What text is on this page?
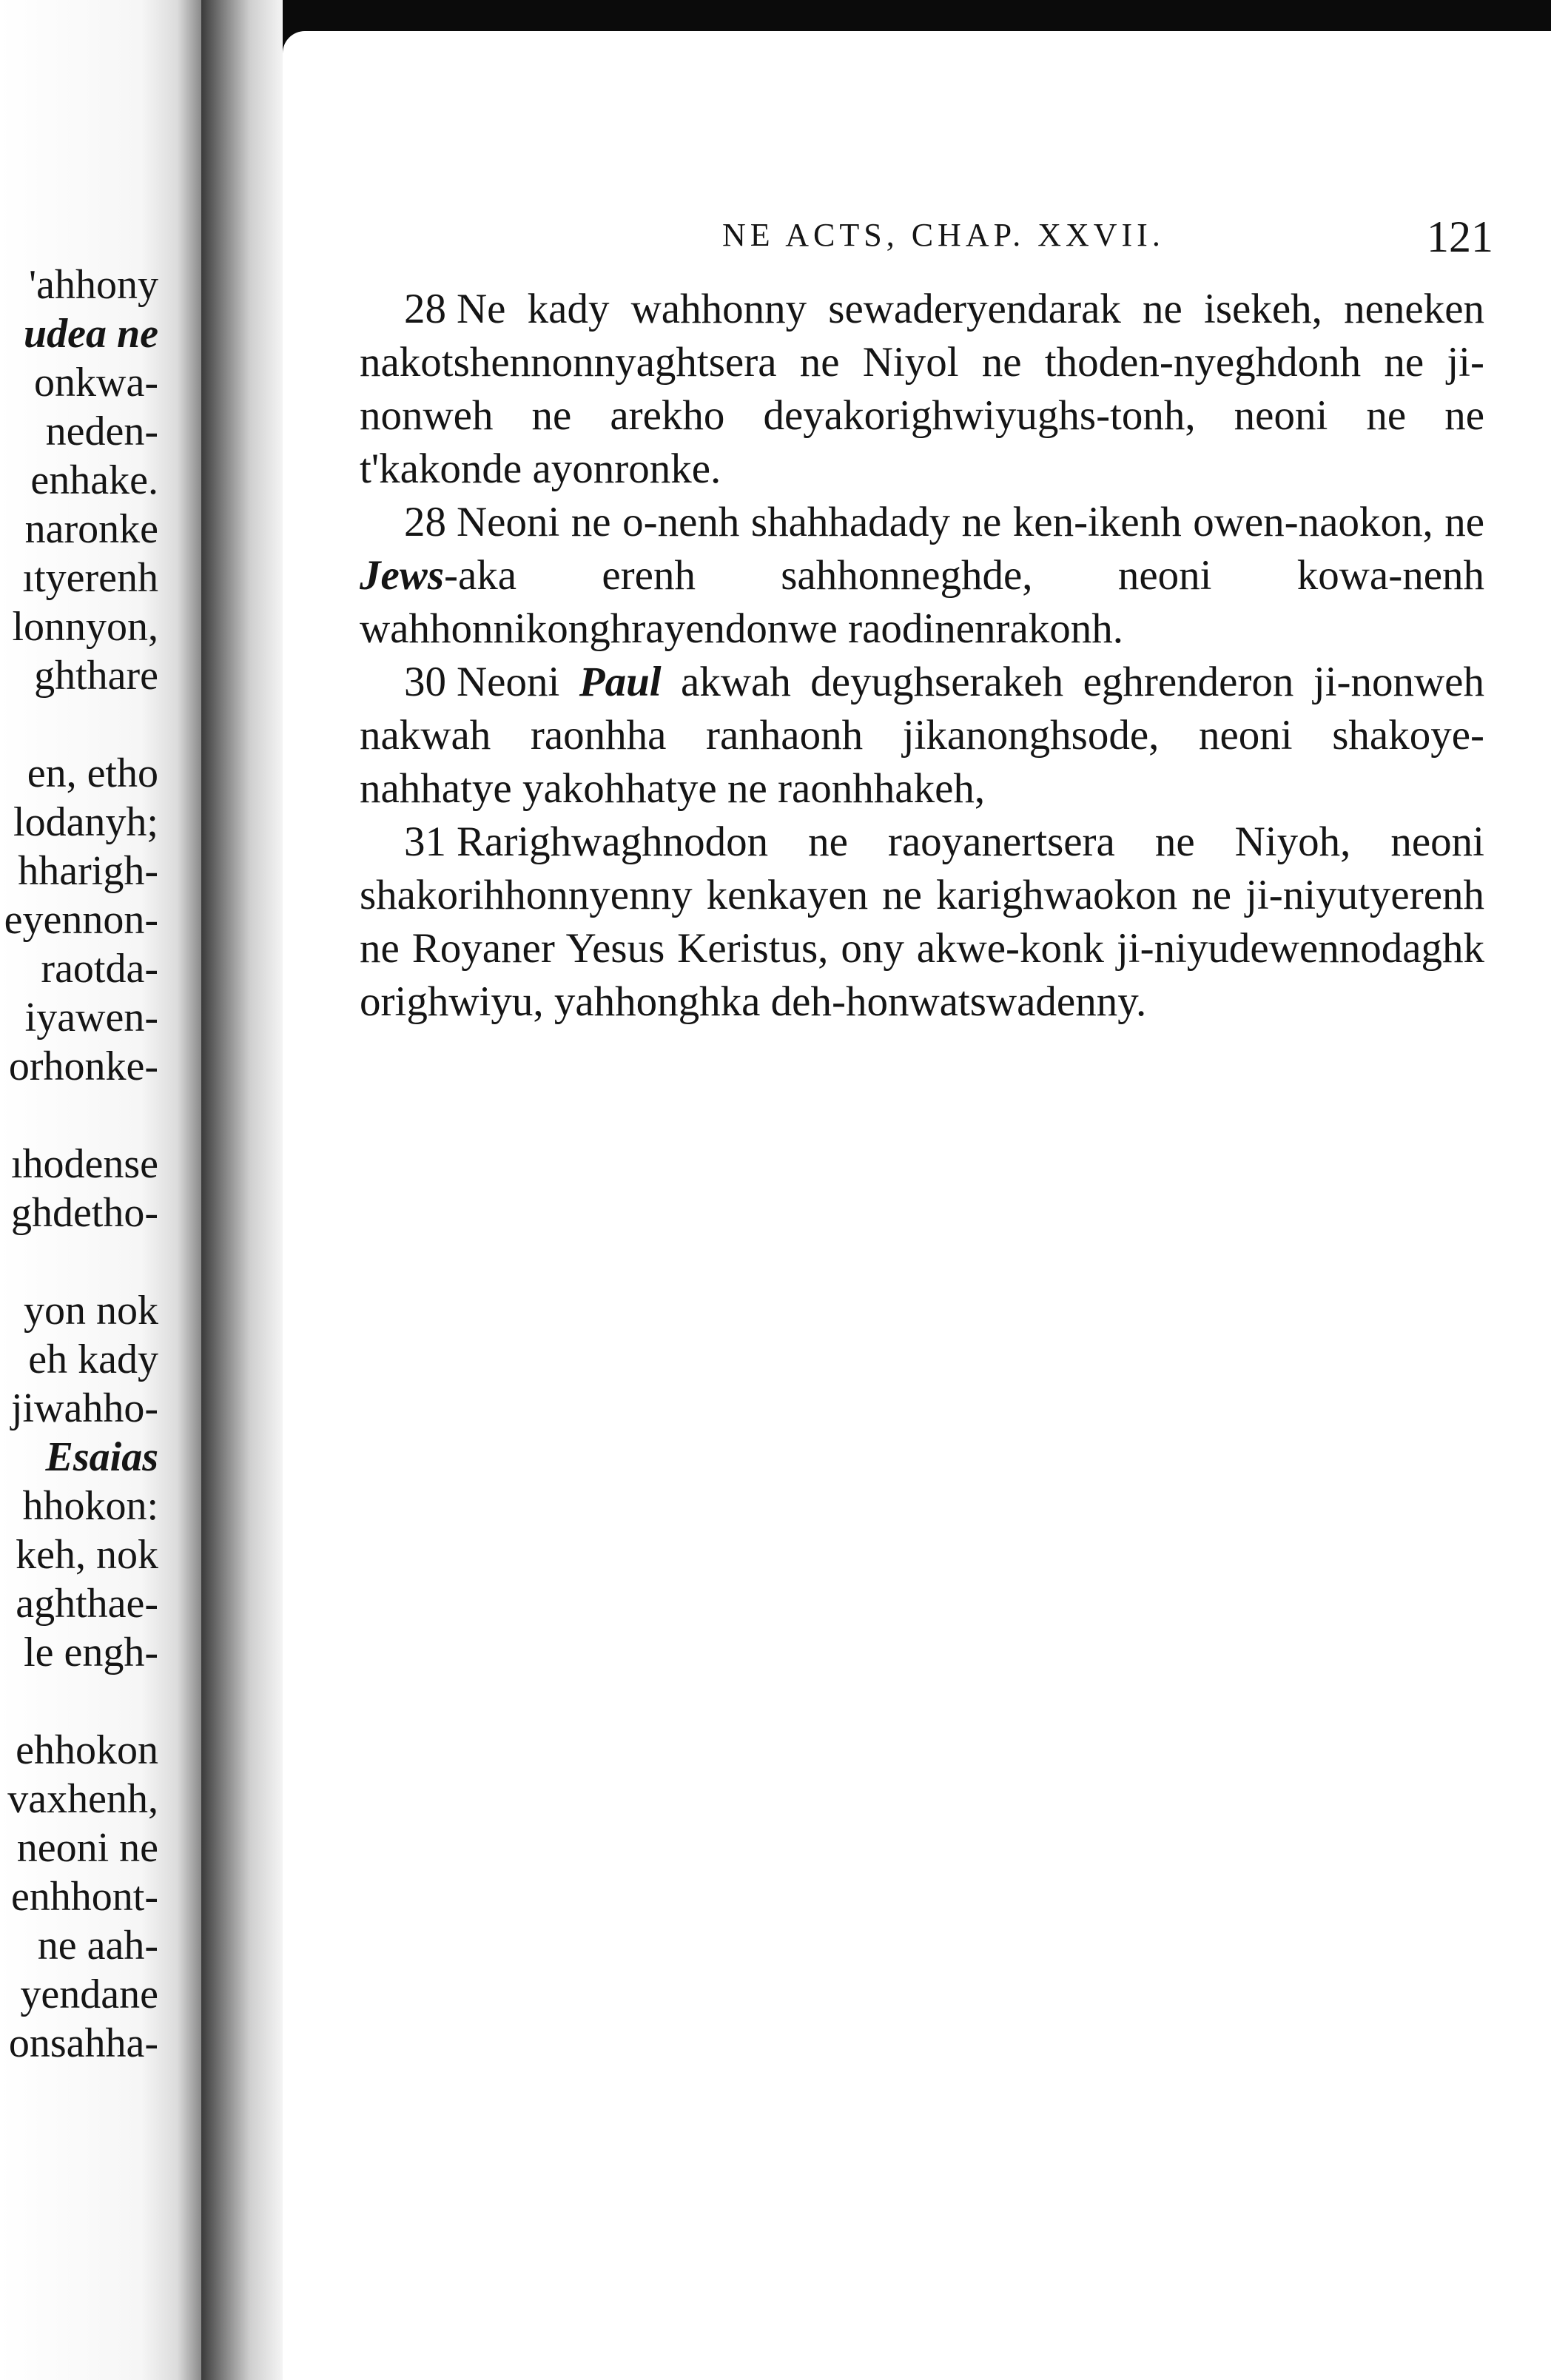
'ahhony
udea ne
onkwa-
neden-
enhake.
naronke
ıtyerenh
lonnyon,
ghthare
en, etho
lodanyh;
hharigh-
eyennon-
raotda-
iyawen-
orhonke-
ıhodense
ghdetho-
yon nok
eh kady
jiwahho-
Esaias
hhokon:
keh, nok
aghthae-
le engh-
ehhokon
vaxhenh,
neoni ne
enhhont-
ne aah-
yendane
onsahha-
NE ACTS, CHAP. XXVII.	121

28 Ne kady wahhonny sewaderyendarak ne isekeh, neneken nakotshennonnyaghtsera ne Niyol ne thoden-nyeghdonh ne ji-nonweh ne arekho deyakorighwiyughs-tonh, neoni ne ne t'kakonde ayonronke.

28 Neoni ne o-nenh shahhadady ne ken-ikenh owen-naokon, ne Jews-aka erenh sahhonneghde, neoni kowa-nenh wahhonnikonghrayendonwe raodinenrakonh.

30 Neoni Paul akwah deyughserakeh eghrenderon ji-nonweh nakwah raonhha ranhaonh jikanonghsode, neoni shakoye-nahhatye yakohhatye ne raonhhakeh,

31 Rarighwaghnodon ne raoyanertsera ne Niyoh, neoni shakorihhonnyenny kenkayen ne karighwaokon ne ji-niyutyerenh ne Royaner Yesus Keristus, ony akwe-konk ji-niyudewennodaghk orighwiyu, yahhonghka deh-honwatswadenny.
